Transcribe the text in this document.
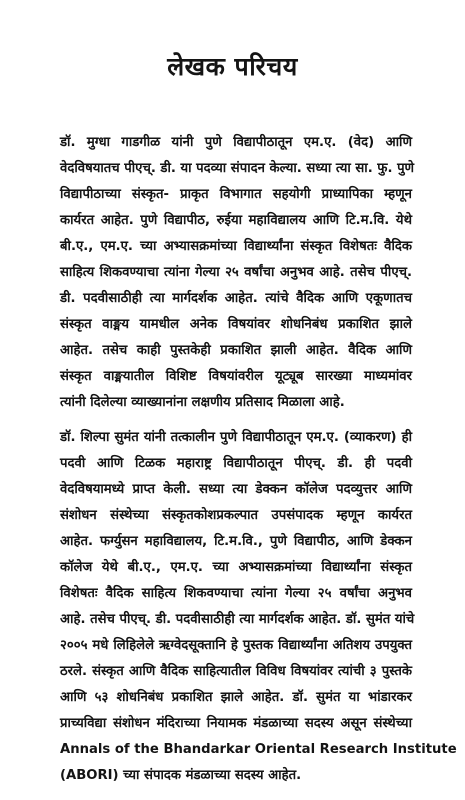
लेखक परिचय
डॉ. मुग्धा गाडगीळ यांनी पुणे विद्यापीठातून एम.ए. (वेद) आणि
वेदविषयातच पीएच्. डी. या पदव्या संपादन केल्या. सध्या त्या सा. फु. पुणे
विद्यापीठाच्या संस्कृत- प्राकृत विभागात सहयोगी प्राध्यापिका म्हणून
कार्यरत आहेत. पुणे विद्यापीठ, रुईया महाविद्यालय आणि टि.म.वि. येथे
बी.ए., एम.ए. च्या अभ्यासक्रमांच्या विद्यार्थ्यांना संस्कृत विशेषतः वैदिक
साहित्य शिकवण्याचा त्यांना गेल्या २५ वर्षांचा अनुभव आहे. तसेच पीएच्.
डी. पदवीसाठीही त्या मार्गदर्शक आहेत. त्यांचे वैदिक आणि एकूणातच
संस्कृत वाङ्मय यामधील अनेक विषयांवर शोधनिबंध प्रकाशित झाले
आहेत. तसेच काही पुस्तकेही प्रकाशित झाली आहेत. वैदिक आणि
संस्कृत वाङ्मयातील विशिष्ट विषयांवरील यूट्यूब सारख्या माध्यमांवर
त्यांनी दिलेल्या व्याख्यानांना लक्षणीय प्रतिसाद मिळाला आहे.
डॉ. शिल्पा सुमंत यांनी तत्कालीन पुणे विद्यापीठातून एम.ए. (व्याकरण) ही
पदवी आणि टिळक महाराष्ट्र विद्यापीठातून पीएच्. डी. ही पदवी
वेदविषयामध्ये प्राप्त केली. सध्या त्या डेक्कन कॉलेज पदव्युत्तर आणि
संशोधन संस्थेच्या संस्कृतकोशप्रकल्पात उपसंपादक म्हणून कार्यरत
आहेत. फर्ग्युसन महाविद्यालय, टि.म.वि., पुणे विद्यापीठ, आणि डेक्कन
कॉलेज येथे बी.ए., एम.ए. च्या अभ्यासक्रमांच्या विद्यार्थ्यांना संस्कृत
विशेषतः वैदिक साहित्य शिकवण्याचा त्यांना गेल्या २५ वर्षांचा अनुभव
आहे. तसेच पीएच्. डी. पदवीसाठीही त्या मार्गदर्शक आहेत. डॉ. सुमंत यांचे
२००५ मधे लिहिलेले ऋग्वेदसूक्तानि हे पुस्तक विद्यार्थ्यांना अतिशय उपयुक्त
ठरले. संस्कृत आणि वैदिक साहित्यातील विविध विषयांवर त्यांची ३ पुस्तके
आणि ५३ शोधनिबंध प्रकाशित झाले आहेत. डॉ. सुमंत या भांडारकर
प्राच्यविद्या संशोधन मंदिराच्या नियामक मंडळाच्या सदस्य असून संस्थेच्या
Annals of the Bhandarkar Oriental Research Institute
(ABORI) च्या संपादक मंडळाच्या सदस्य आहेत.
